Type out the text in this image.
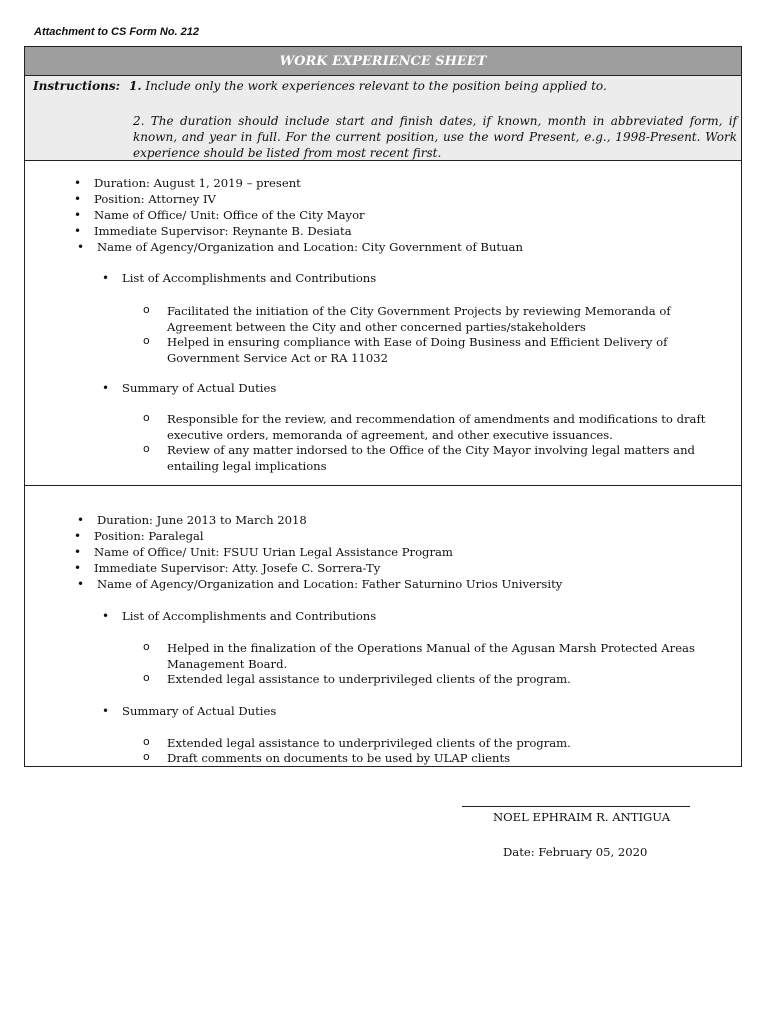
Attachment to CS Form No. 212
WORK EXPERIENCE SHEET
Instructions: 1. Include only the work experiences relevant to the position being applied to.
2. The duration should include start and finish dates, if known, month in abbreviated form, if known, and year in full. For the current position, use the word Present, e.g., 1998-Present. Work experience should be listed from most recent first.
• Duration: August 1, 2019 – present
• Position: Attorney IV
• Name of Office/ Unit: Office of the City Mayor
• Immediate Supervisor: Reynante B. Desiata
• Name of Agency/Organization and Location: City Government of Butuan
• List of Accomplishments and Contributions
o Facilitated the initiation of the City Government Projects by reviewing Memoranda of Agreement between the City and other concerned parties/stakeholders
o Helped in ensuring compliance with Ease of Doing Business and Efficient Delivery of Government Service Act or RA 11032
• Summary of Actual Duties
o Responsible for the review, and recommendation of amendments and modifications to draft executive orders, memoranda of agreement, and other executive issuances.
o Review of any matter indorsed to the Office of the City Mayor involving legal matters and entailing legal implications
• Duration: June 2013 to March 2018
• Position: Paralegal
• Name of Office/ Unit: FSUU Urian Legal Assistance Program
• Immediate Supervisor: Atty. Josefe C. Sorrera-Ty
• Name of Agency/Organization and Location: Father Saturnino Urios University
• List of Accomplishments and Contributions
o Helped in the finalization of the Operations Manual of the Agusan Marsh Protected Areas Management Board.
o Extended legal assistance to underprivileged clients of the program.
• Summary of Actual Duties
o Extended legal assistance to underprivileged clients of the program.
o Draft comments on documents to be used by ULAP clients
NOEL EPHRAIM R. ANTIGUA
Date: February 05, 2020
